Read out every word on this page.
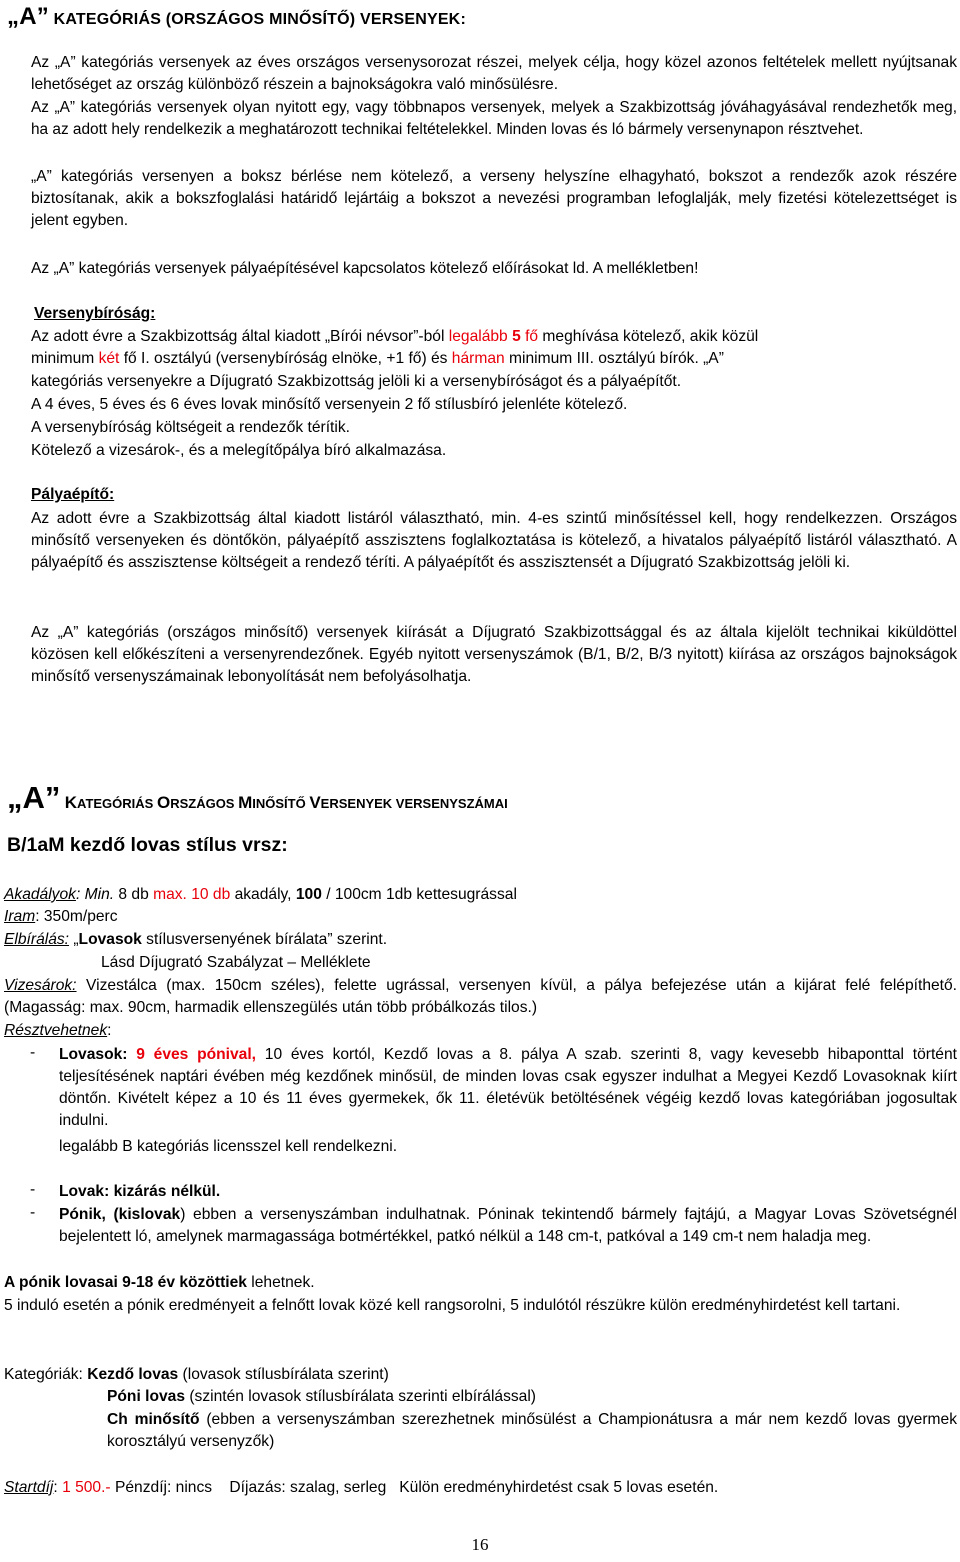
„A” KATEGÓRIÁS (ORSZÁGOS MINŐSÍTŐ) VERSENYEK:
Az „A” kategóriás versenyek az éves országos versenysorozat részei, melyek célja, hogy közel azonos feltételek mellett nyújtsanak lehetőséget az ország különböző részein a bajnokságokra való minősülésre.
Az „A” kategóriás versenyek olyan nyitott egy, vagy többnapos versenyek, melyek a Szakbizottság jóváhagyásával rendezhetők meg, ha az adott hely rendelkezik a meghatározott technikai feltételekkel. Minden lovas és ló bármely versenynapon résztvehet.
„A” kategóriás versenyen a boksz bérlése nem kötelező, a verseny helyszíne elhagyható, bokszot a rendezők azok részére biztosítanak, akik a bokszfoglalási határidő lejártáig a bokszot a nevezési programban lefoglalják, mely fizetési kötelezettséget is jelent egyben.
Az „A” kategóriás versenyek pályaépítésével kapcsolatos kötelező előírásokat ld. A mellékletben!
Versenybíróság:
Az adott évre a Szakbizottság által kiadott „Bírói névsor”-ból legalább 5 fő meghívása kötelező, akik közül
minimum két fő I. osztályú (versenybíróság elnöke, +1 fő) és hárman minimum III. osztályú bírók. „A”
kategóriás versenyekre a Díjugrató Szakbizottság jelöli ki a versenybíróságot és a pályaépítőt.
A 4 éves, 5 éves és 6 éves lovak minősítő versenyein 2 fő stílusbíró jelenléte kötelező.
A versenybíróság költségeit a rendezők térítik.
Kötelező a vizesárok-, és a melegítőpálya bíró alkalmazása.
Pályaépítő:
Az adott évre a Szakbizottság által kiadott listáról választható, min. 4-es szintű minősítéssel kell, hogy rendelkezzen. Országos minősítő versenyeken és döntőkön, pályaépítő asszisztens foglalkoztatása is kötelező, a hivatalos pályaépítő listáról választható. A pályaépítő és asszisztense költségeit a rendező téríti. A pályaépítőt és asszisztensét a Díjugrató Szakbizottság jelöli ki.
Az „A” kategóriás (országos minősítő) versenyek kiírását a Díjugrató Szakbizottsággal és az általa kijelölt technikai kiküldöttel közösen kell előkészíteni a versenyrendezőnek. Egyéb nyitott versenyszámok (B/1, B/2, B/3 nyitott) kiírása az országos bajnokságok minősítő versenyszámainak lebonyolítását nem befolyásolhatja.
„A” KATEGÓRIÁS ORSZÁGOS MINŐSÍTŐ VERSENYEK VERSENYSZÁMAI
B/1aM kezdő lovas stílus vrsz:
Akadályok: Min. 8 db max. 10 db akadály, 100 / 100cm 1db kettesugrással
Iram: 350m/perc
Elbírálás: „Lovasok stílusversenyének bírálata” szerint.
Lásd Díjugrató Szabályzat – Melléklete
Vizesárok: Vizestálca (max. 150cm széles), felette ugrással, versenyen kívül, a pálya befejezése után a kijárat felé felépíthető. (Magasság: max. 90cm, harmadik ellenszegülés után több próbálkozás tilos.)
Résztvehetnek:
-	Lovasok: 9 éves pónival, 10 éves kortól, Kezdő lovas a 8. pálya A szab. szerinti 8, vagy kevesebb hibaponttal történt teljesítésének naptári évében még kezdőnek minősül, de minden lovas csak egyszer indulhat a Megyei Kezdő Lovasoknak kiírt döntőn. Kivételt képez a 10 és 11 éves gyermekek, ők 11. életévük betöltésének végéig kezdő lovas kategóriában jogosultak indulni.
legalább B kategóriás licensszel kell rendelkezni.
-	Lovak: kizárás nélkül.
-	Pónik, (kislovak) ebben a versenyszámban indulhatnak. Póninak tekintendő bármely fajtájú, a Magyar Lovas Szövetségnél bejelentett ló, amelynek marmagassága botmértékkel, patkó nélkül a 148 cm-t, patkóval a 149 cm-t nem haladja meg.
A pónik lovasai 9-18 év közöttiek lehetnek.
5 induló esetén a pónik eredményeit a felnőtt lovak közé kell rangsorolni, 5 indulótól részükre külön eredményhirdetést kell tartani.
Kategóriák: Kezdő lovas (lovasok stílusbírálata szerint)
Póni lovas (szintén lovasok stílusbírálata szerinti elbírálással)
Ch minősítő (ebben a versenyszámban szerezhetnek minősülést a Championátusra a már nem kezdő lovas gyermek korosztályú versenyzők)
Startdíj: 1 500.- Pénzdíj: nincs    Díjazás: szalag, serleg   Külön eredményhirdetést csak 5 lovas esetén.
16
